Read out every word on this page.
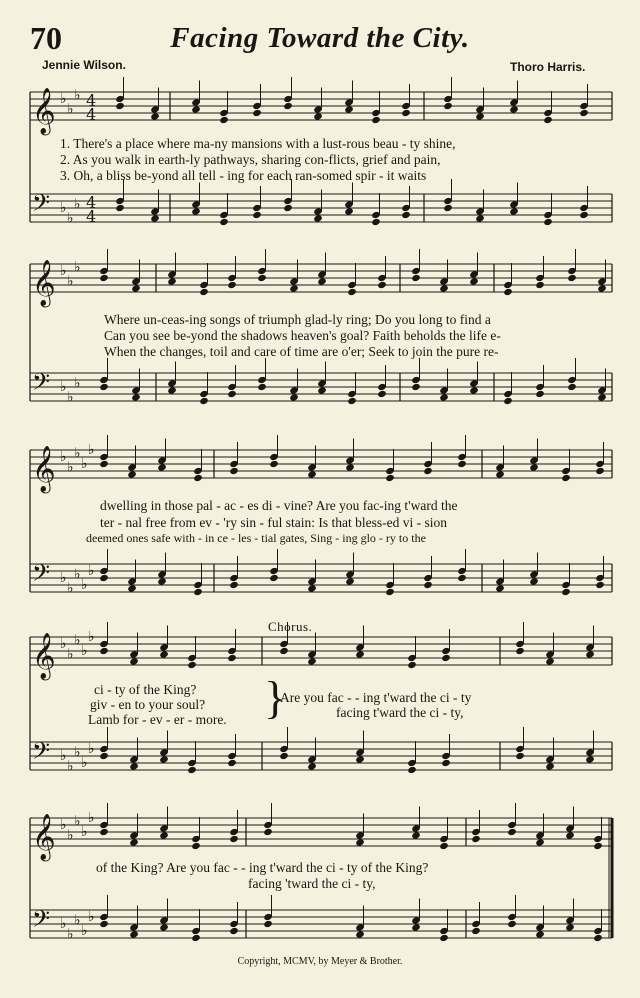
70	Facing Toward the City.
Jennie Wilson.	Thoro Harris.
𝄞
𝄢
♭
♭
♭
♭
♭
♭
4
4
4
4
𝄞
𝄢
♭
♭
♭
♭
♭
♭
𝄞
𝄢
♭
♭
♭
♭
♭
♭
♭
♭
♭
♭
𝄞
𝄢
♭
♭
♭
♭
♭
♭
♭
♭
♭
♭
𝄞
𝄢
♭
♭
♭
♭
♭
♭
♭
♭
♭
♭
1. There's a place where ma-ny mansions with a lust-rous beau - ty shine,
2. As you walk in earth-ly pathways, sharing con-flicts, grief and pain,
3. Oh, a bliss be-yond all tell - ing for each ran-somed spir - it waits
Where un-ceas-ing songs of triumph glad-ly ring; Do you long to find a
Can you see be-yond the shadows heaven's goal? Faith beholds the life e-
When the changes, toil and care of time are o'er; Seek to join the pure re-
dwelling in those pal - ac - es di - vine? Are you fac-ing t'ward the
ter - nal free from ev - 'ry sin - ful stain: Is that bless-ed vi - sion
deemed ones safe with - in ce - les - tial gates, Sing - ing glo - ry to the
Chorus.
ci - ty of the King?
giv - en to your soul?
Lamb for - ev - er - more. }
Are you fac - - ing t'ward the ci - ty
facing t'ward the ci - ty,
of the King? Are you fac - - ing t'ward the ci - ty of the King?
facing 'tward the ci - ty,
Copyright, MCMV, by Meyer & Brother.
